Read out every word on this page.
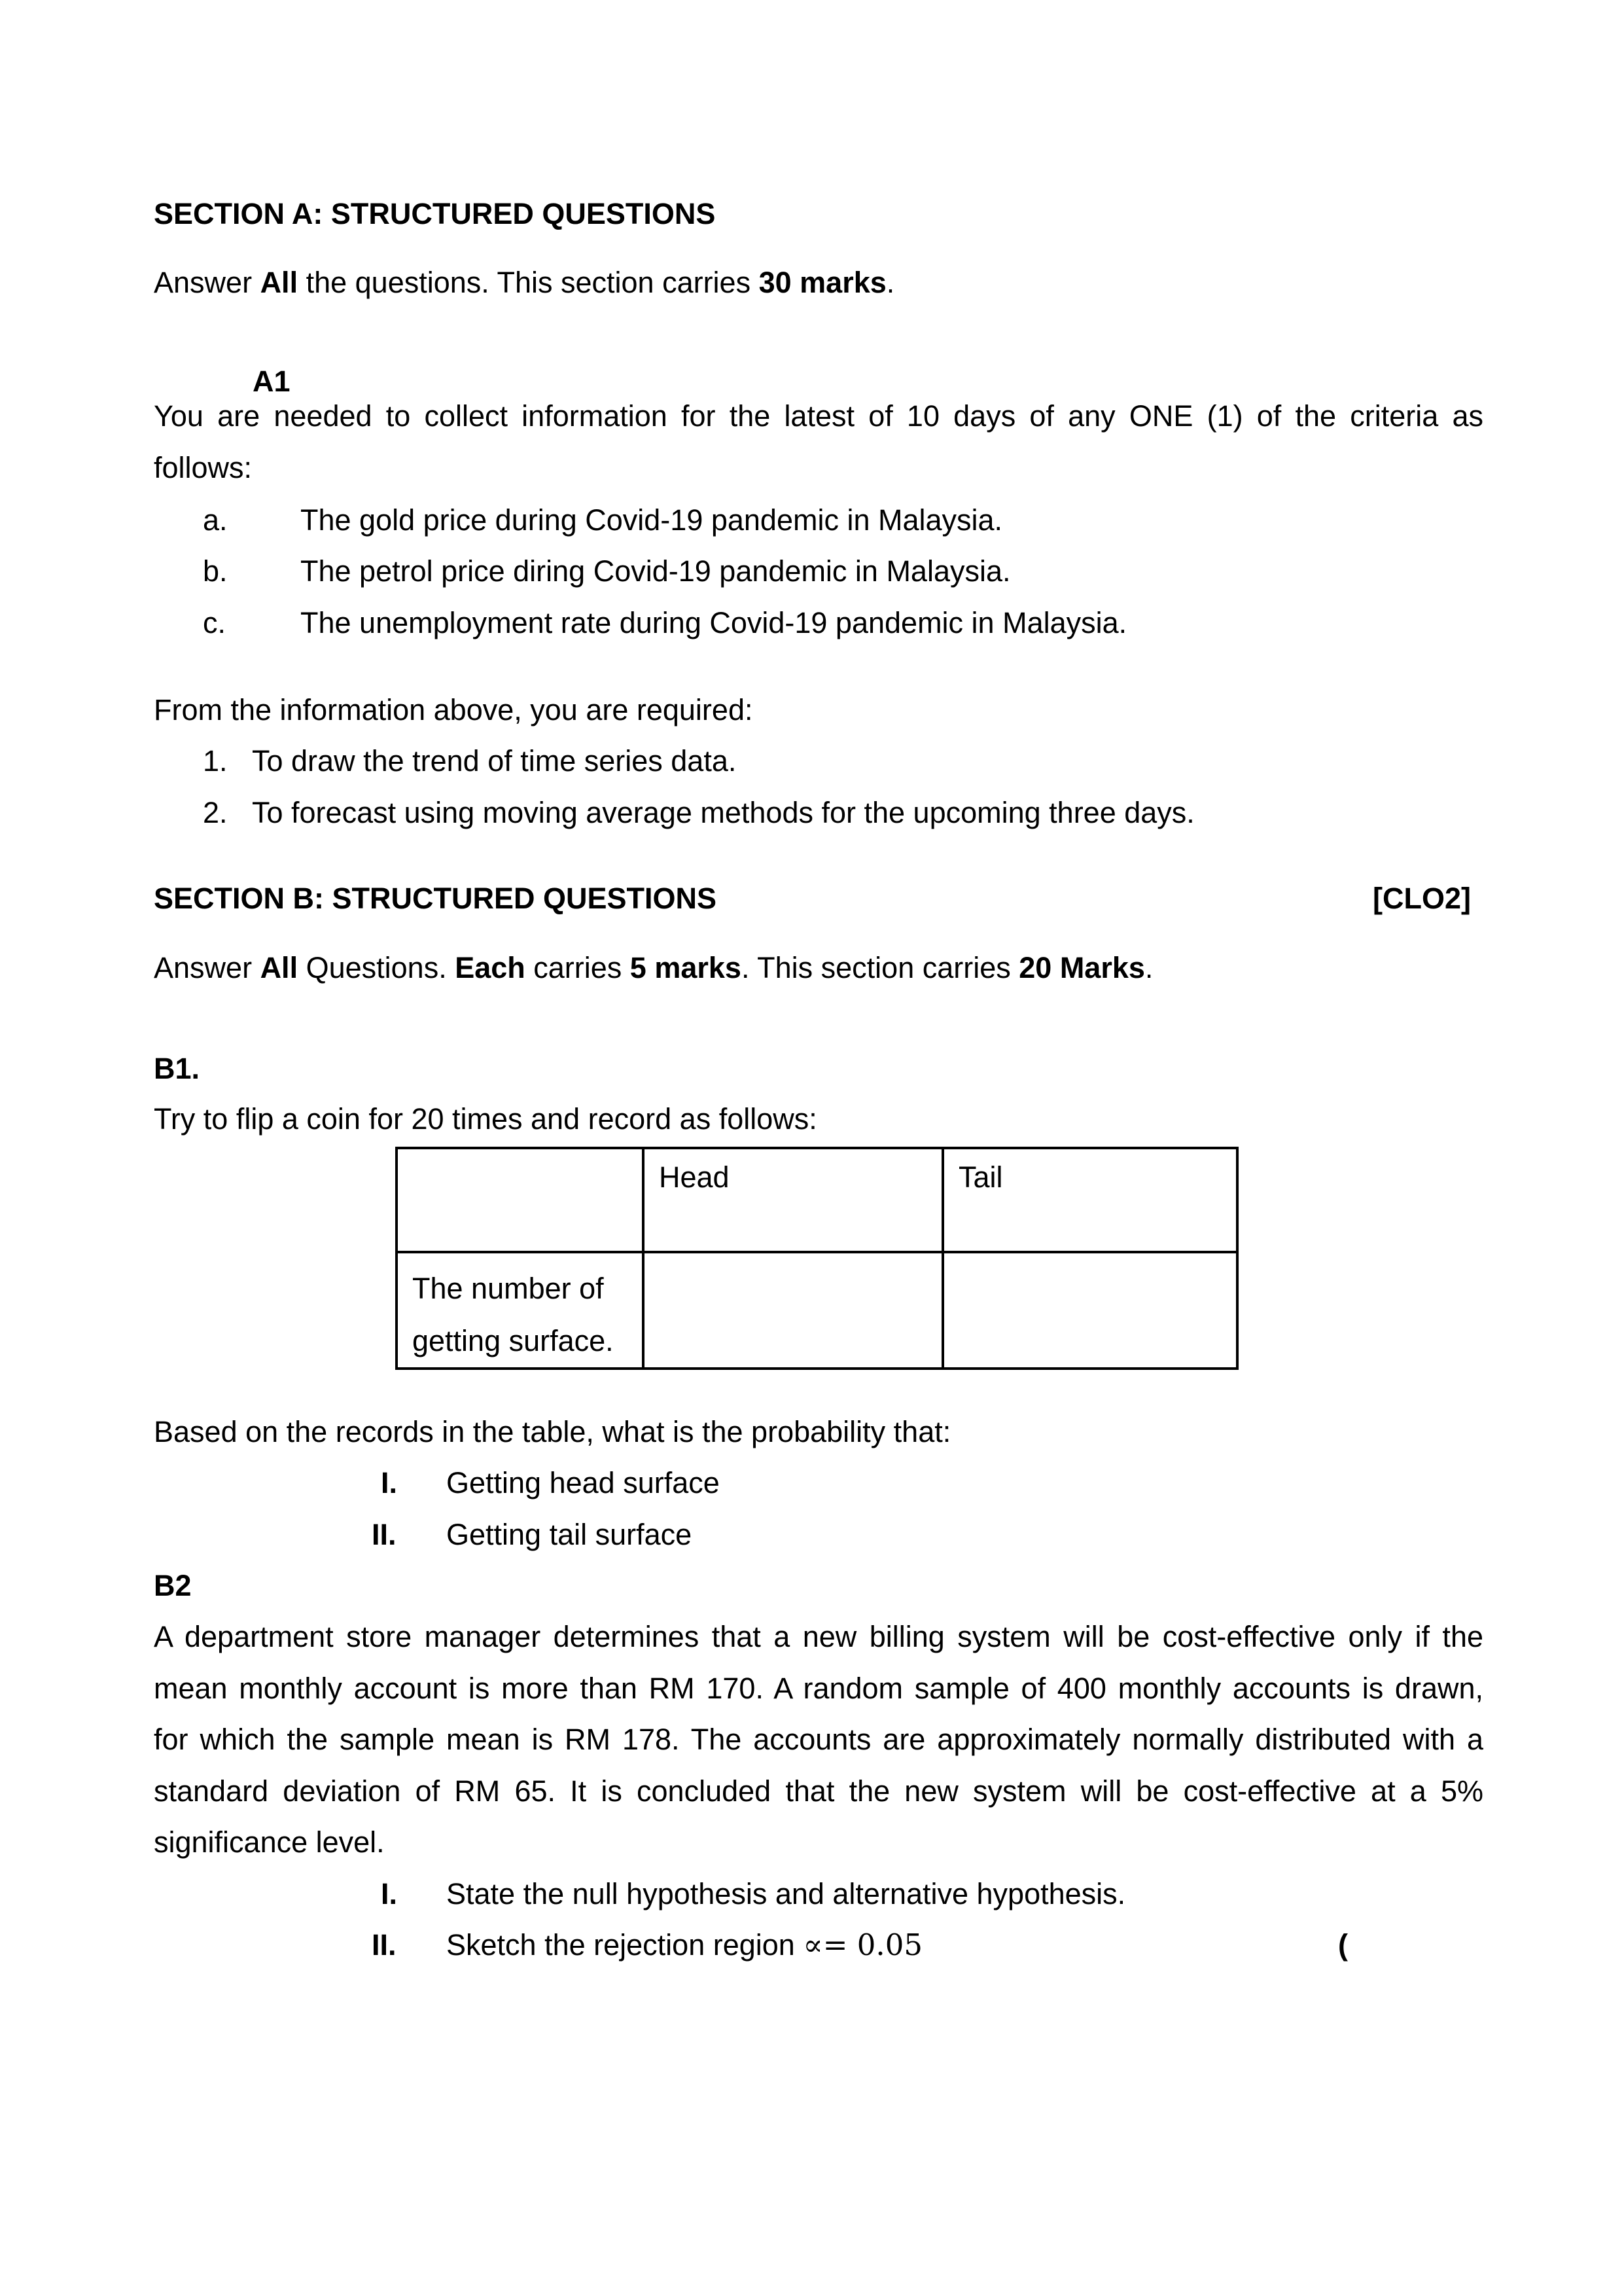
SECTION A: STRUCTURED QUESTIONS
Answer All the questions. This section carries 30 marks.
A1
You are needed to collect information for the latest of 10 days of any ONE (1) of the criteria as
follows:
a. The gold price during Covid-19 pandemic in Malaysia.
b. The petrol price diring Covid-19 pandemic in Malaysia.
c.	The unemployment rate during Covid-19 pandemic in Malaysia.
From the information above, you are required:
1. To draw the trend of time series data.
2. To forecast using moving average methods for the upcoming three days.
SECTION B: STRUCTURED QUESTIONS	[CLO2]
Answer All Questions. Each carries 5 marks. This section carries 20 Marks.
B1.
Try to flip a coin for 20 times and record as follows:

	Head	Tail

The number of
getting surface.		

Based on the records in the table, what is the probability that:
I. Getting head surface
II. Getting tail surface
B2
A department store manager determines that a new billing system will be cost-effective only if the
mean monthly account is more than RM 170. A random sample of 400 monthly accounts is drawn,
for which the sample mean is RM 178. The accounts are approximately normally distributed with a
standard deviation of RM 65. It is concluded that the new system will be cost-effective at a 5%
significance level.
I. State the null hypothesis and alternative hypothesis.
II. Sketch the rejection region ∝= 0.05	(
